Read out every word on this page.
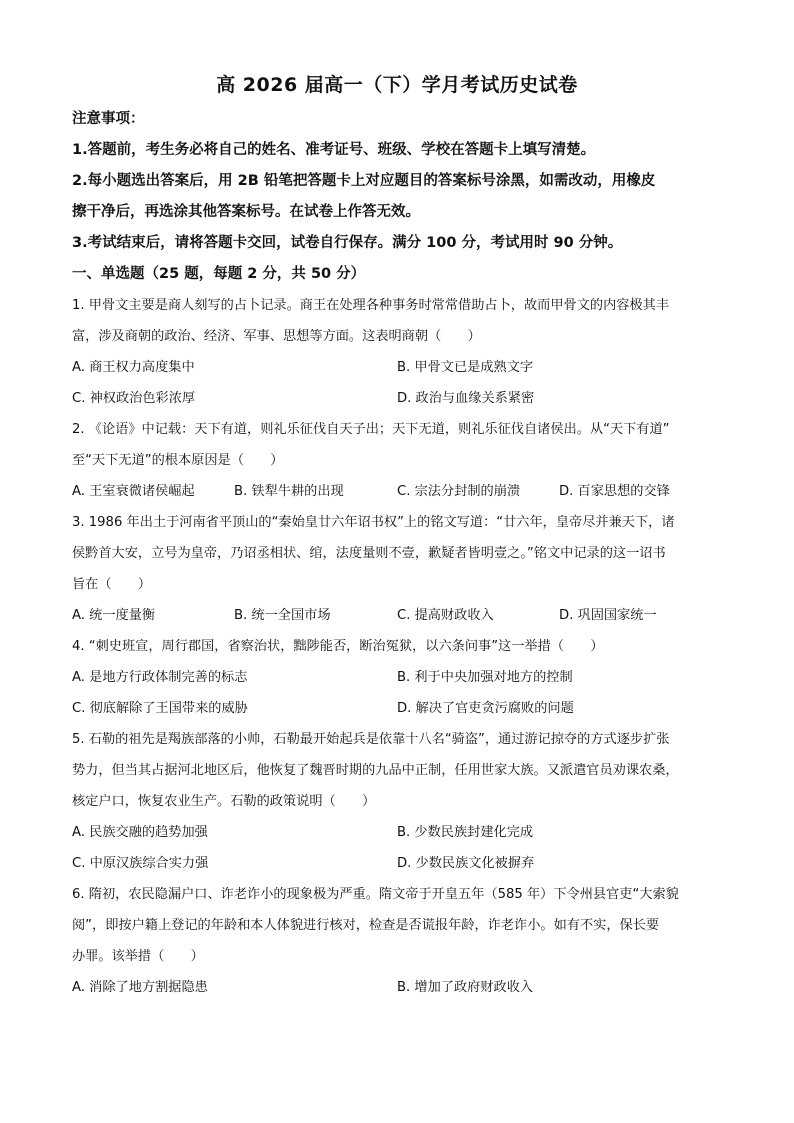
高 2026 届高一（下）学月考试历史试卷
注意事项：
1.答题前，考生务必将自己的姓名、准考证号、班级、学校在答题卡上填写清楚。
2.每小题选出答案后，用 2B 铅笔把答题卡上对应题目的答案标号涂黑，如需改动，用橡皮
擦干净后，再选涂其他答案标号。在试卷上作答无效。
3.考试结束后，请将答题卡交回，试卷自行保存。满分 100 分，考试用时 90 分钟。
一、单选题（25 题，每题 2 分，共 50 分）
1. 甲骨文主要是商人刻写的占卜记录。商王在处理各种事务时常常借助占卜，故而甲骨文的内容极其丰
富，涉及商朝的政治、经济、军事、思想等方面。这表明商朝（　　）
A. 商王权力高度集中	B. 甲骨文已是成熟文字
C. 神权政治色彩浓厚	D. 政治与血缘关系紧密
2. 《论语》中记载：天下有道，则礼乐征伐自天子出；天下无道，则礼乐征伐自诸侯出。从“天下有道”
至“天下无道”的根本原因是（　　）
A. 王室衰微诸侯崛起	B. 铁犁牛耕的出现	C. 宗法分封制的崩溃	D. 百家思想的交锋
3. 1986 年出土于河南省平顶山的“秦始皇廿六年诏书权”上的铭文写道：“廿六年，皇帝尽并兼天下，诸
侯黔首大安，立号为皇帝，乃诏丞相状、绾，法度量则不壹，歉疑者皆明壹之。”铭文中记录的这一诏书
旨在（　　）
A. 统一度量衡	B. 统一全国市场	C. 提高财政收入	D. 巩固国家统一
4. “刺史班宣，周行郡国，省察治状，黜陟能否，断治冤狱，以六条问事”这一举措（　　）
A. 是地方行政体制完善的标志	B. 利于中央加强对地方的控制
C. 彻底解除了王国带来的威胁	D. 解决了官吏贪污腐败的问题
5. 石勒的祖先是羯族部落的小帅，石勒最开始起兵是依靠十八名“骑盗”，通过游记掠夺的方式逐步扩张
势力，但当其占据河北地区后，他恢复了魏晋时期的九品中正制，任用世家大族。又派遣官员劝课农桑，
核定户口，恢复农业生产。石勒的政策说明（　　）
A. 民族交融的趋势加强	B. 少数民族封建化完成
C. 中原汉族综合实力强	D. 少数民族文化被摒弃
6. 隋初，农民隐漏户口、诈老诈小的现象极为严重。隋文帝于开皇五年（585 年）下令州县官吏“大索貌
阅”，即按户籍上登记的年龄和本人体貌进行核对，检查是否谎报年龄，诈老诈小。如有不实，保长要
办罪。该举措（　　）
A. 消除了地方割据隐患	B. 增加了政府财政收入
